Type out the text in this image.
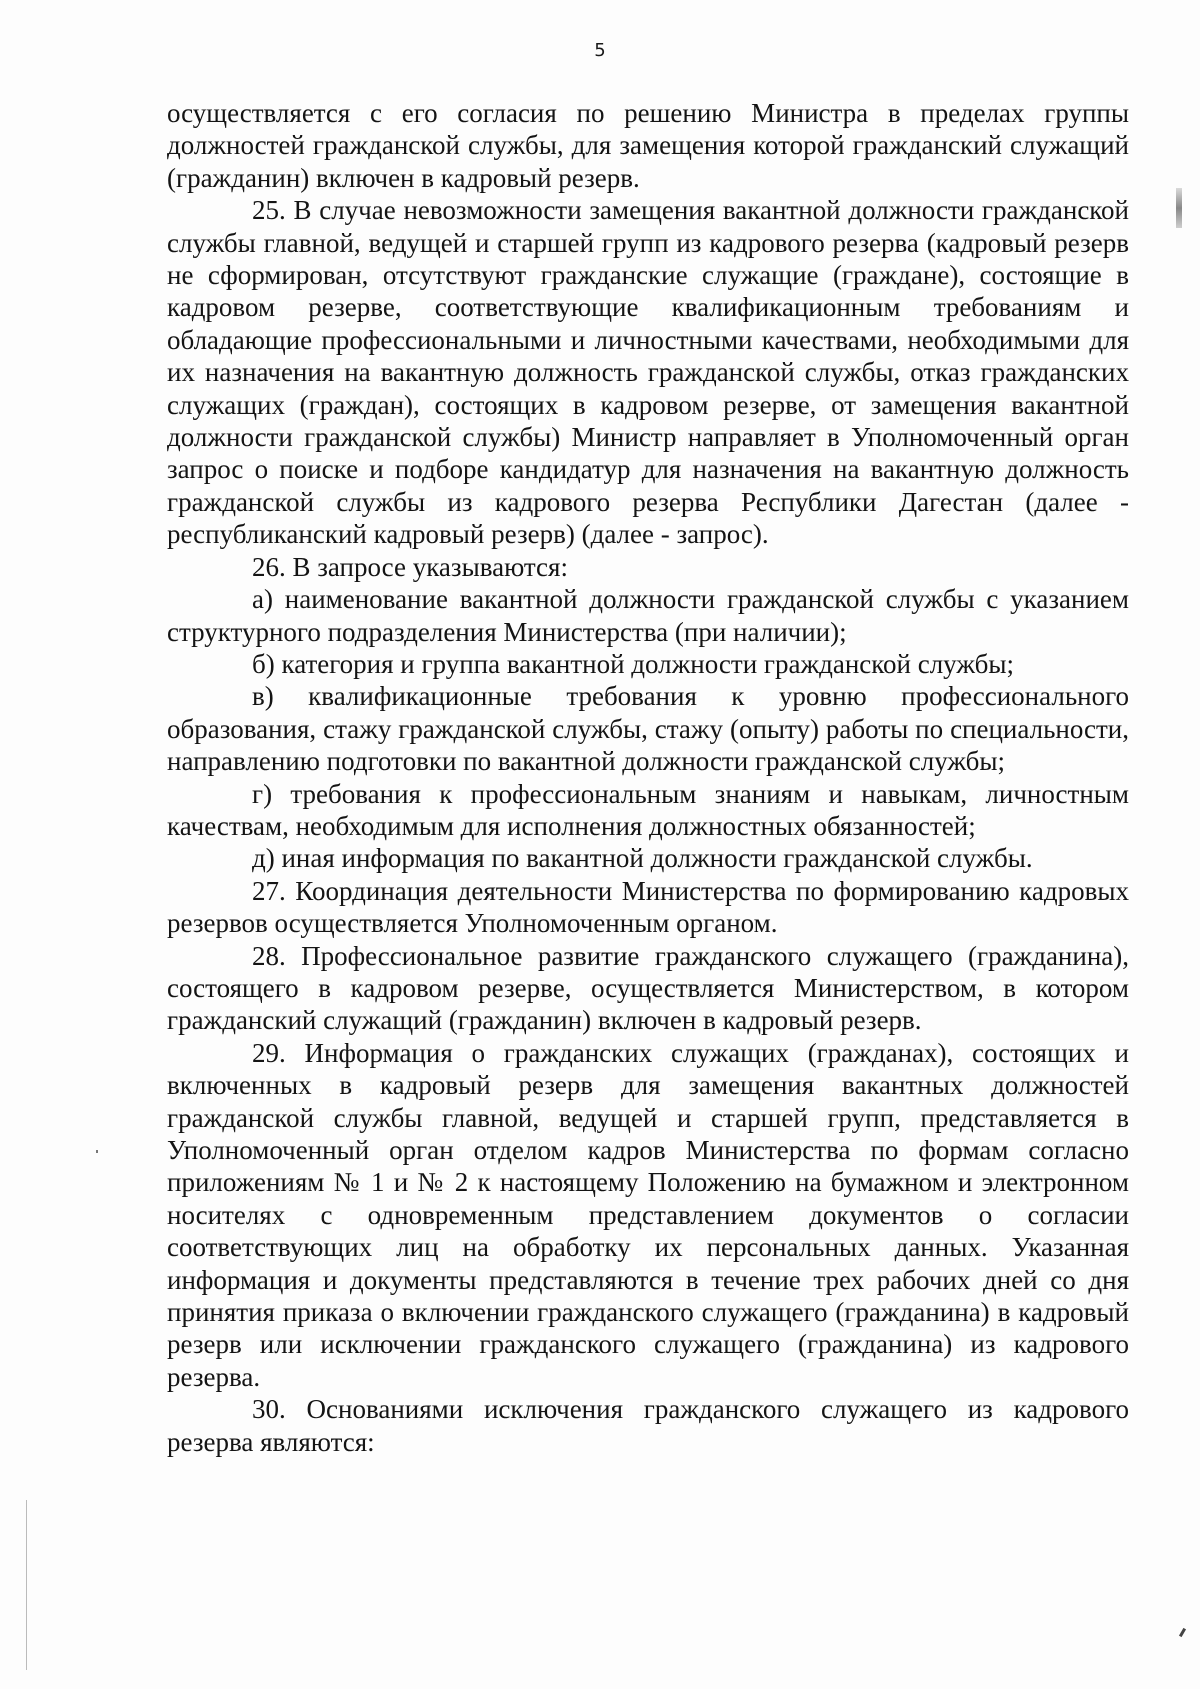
5

осуществляется с его согласия по решению Министра в пределах группы должностей гражданской службы, для замещения которой гражданский служащий (гражданин) включен в кадровый резерв.

25. В случае невозможности замещения вакантной должности гражданской службы главной, ведущей и старшей групп из кадрового резерва (кадровый резерв не сформирован, отсутствуют гражданские служащие (граждане), состоящие в кадровом резерве, соответствующие квалификационным требованиям и обладающие профессиональными и личностными качествами, необходимыми для их назначения на вакантную должность гражданской службы, отказ гражданских служащих (граждан), состоящих в кадровом резерве, от замещения вакантной должности гражданской службы) Министр направляет в Уполномоченный орган запрос о поиске и подборе кандидатур для назначения на вакантную должность гражданской службы из кадрового резерва Республики Дагестан (далее - республиканский кадровый резерв) (далее - запрос).

26. В запросе указываются:

а) наименование вакантной должности гражданской службы с указанием структурного подразделения Министерства (при наличии);

б) категория и группа вакантной должности гражданской службы;

в) квалификационные требования к уровню профессионального образования, стажу гражданской службы, стажу (опыту) работы по специальности, направлению подготовки по вакантной должности гражданской службы;

г) требования к профессиональным знаниям и навыкам, личностным качествам, необходимым для исполнения должностных обязанностей;

д) иная информация по вакантной должности гражданской службы.

27. Координация деятельности Министерства по формированию кадровых резервов осуществляется Уполномоченным органом.

28. Профессиональное развитие гражданского служащего (гражданина), состоящего в кадровом резерве, осуществляется Министерством, в котором гражданский служащий (гражданин) включен в кадровый резерв.

29. Информация о гражданских служащих (гражданах), состоящих и включенных в кадровый резерв для замещения вакантных должностей гражданской службы главной, ведущей и старшей групп, представляется в Уполномоченный орган отделом кадров Министерства по формам согласно приложениям № 1 и № 2 к настоящему Положению на бумажном и электронном носителях с одновременным представлением документов о согласии соответствующих лиц на обработку их персональных данных. Указанная информация и документы представляются в течение трех рабочих дней со дня принятия приказа о включении гражданского служащего (гражданина) в кадровый резерв или исключении гражданского служащего (гражданина) из кадрового резерва.

30. Основаниями исключения гражданского служащего из кадрового резерва являются:
